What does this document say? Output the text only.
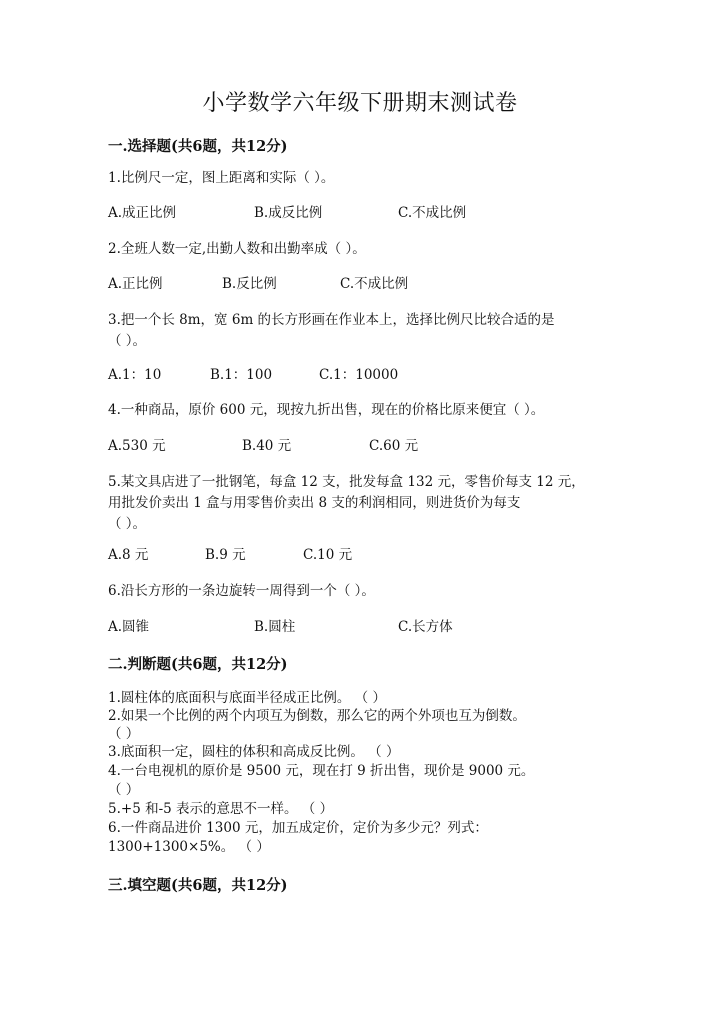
小学数学六年级下册期末测试卷
一.选择题(共6题，共12分)
1.比例尺一定，图上距离和实际（ ）。
A.成正比例	B.成反比例	C.不成比例
2.全班人数一定,出勤人数和出勤率成（ ）。
A.正比例	B.反比例	C.不成比例
3.把一个长 8m，宽 6m 的长方形画在作业本上，选择比例尺比较合适的是
（ ）。
A.1：10	B.1：100	C.1：10000
4.一种商品，原价 600 元，现按九折出售，现在的价格比原来便宜（ ）。
A.530 元	B.40 元	C.60 元
5.某文具店进了一批钢笔，每盒 12 支，批发每盒 132 元，零售价每支 12 元，
用批发价卖出 1 盒与用零售价卖出 8 支的利润相同，则进货价为每支
（ ）。
A.8 元	B.9 元	C.10 元
6.沿长方形的一条边旋转一周得到一个（ ）。
A.圆锥	B.圆柱	C.长方体
二.判断题(共6题，共12分)
1.圆柱体的底面积与底面半径成正比例。 （ ）
2.如果一个比例的两个内项互为倒数，那么它的两个外项也互为倒数。
（ ）
3.底面积一定，圆柱的体积和高成反比例。 （ ）
4.一台电视机的原价是 9500 元，现在打 9 折出售，现价是 9000 元。
（ ）
5.+5 和-5 表示的意思不一样。 （ ）
6.一件商品进价 1300 元，加五成定价，定价为多少元？列式：
1300+1300×5%。 （ ）
三.填空题(共6题，共12分)
